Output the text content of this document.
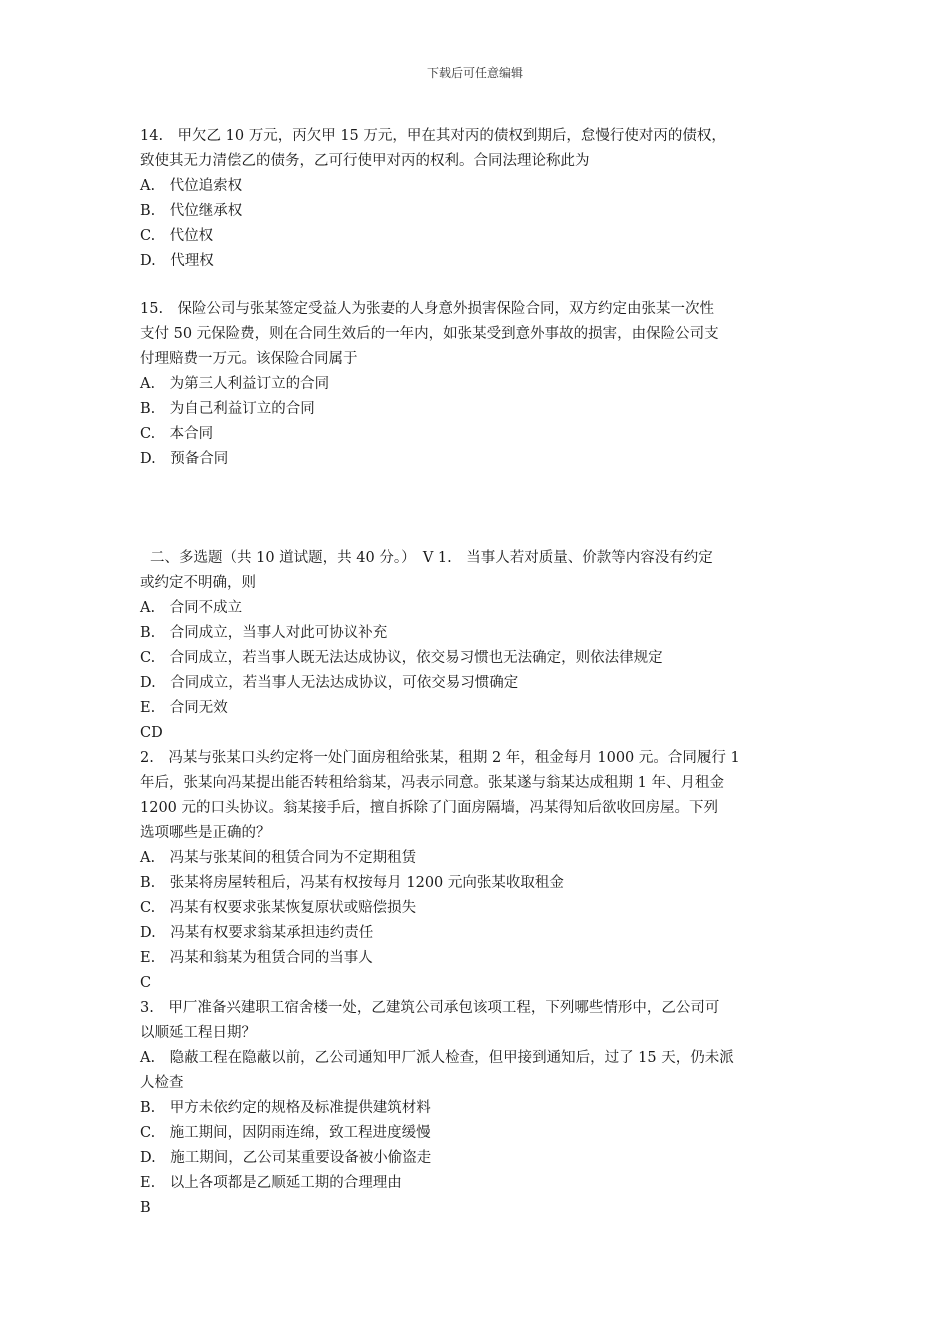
下载后可任意编辑

14.　甲欠乙 10 万元，丙欠甲 15 万元，甲在其对丙的债权到期后，怠慢行使对丙的债权，

致使其无力清偿乙的债务，乙可行使甲对丙的权利。合同法理论称此为

A.　代位追索权

B.　代位继承权

C.　代位权

D.　代理权

15.　保险公司与张某签定受益人为张妻的人身意外损害保险合同，双方约定由张某一次性

支付 50 元保险费，则在合同生效后的一年内，如张某受到意外事故的损害，由保险公司支

付理赔费一万元。该保险合同属于

A.　为第三人利益订立的合同

B.　为自己利益订立的合同

C.　本合同

D.　预备合同

二、多选题（共 10 道试题，共 40 分。）　V 1.　当事人若对质量、价款等内容没有约定

或约定不明确，则

A.　合同不成立

B.　合同成立，当事人对此可协议补充

C.　合同成立，若当事人既无法达成协议，依交易习惯也无法确定，则依法律规定

D.　合同成立，若当事人无法达成协议，可依交易习惯确定

E.　合同无效

CD

2.　冯某与张某口头约定将一处门面房租给张某，租期 2 年，租金每月 1000 元。合同履行 1

年后，张某向冯某提出能否转租给翁某，冯表示同意。张某遂与翁某达成租期 1 年、月租金

1200 元的口头协议。翁某接手后，擅自拆除了门面房隔墙，冯某得知后欲收回房屋。下列

选项哪些是正确的？

A.　冯某与张某间的租赁合同为不定期租赁

B.　张某将房屋转租后，冯某有权按每月 1200 元向张某收取租金

C.　冯某有权要求张某恢复原状或赔偿损失

D.　冯某有权要求翁某承担违约责任

E.　冯某和翁某为租赁合同的当事人

C

3.　甲厂准备兴建职工宿舍楼一处，乙建筑公司承包该项工程，下列哪些情形中，乙公司可

以顺延工程日期？

A.　隐蔽工程在隐蔽以前，乙公司通知甲厂派人检查，但甲接到通知后，过了 15 天，仍未派

人检查

B.　甲方未依约定的规格及标准提供建筑材料

C.　施工期间，因阴雨连绵，致工程进度缓慢

D.　施工期间，乙公司某重要设备被小偷盗走

E.　以上各项都是乙顺延工期的合理理由

B
